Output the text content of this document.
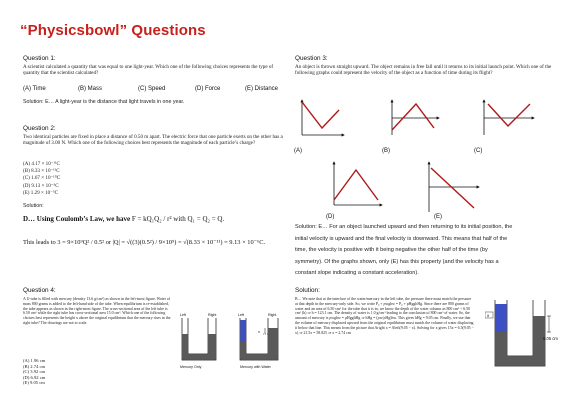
“Physicsbowl” Questions
Question 1:
A scientist calculated a quantity that was equal to one light-year. Which one of the following choices represents the type of quantity that the scientist calculated?
(A) Time	(B) Mass	(C) Speed	(D) Force	(E) Distance
Solution: E… A light-year is the distance that light travels in one year.
Question 2:
Two identical particles are fixed in place a distance of 0.50 m apart. The electric force that one particle exerts on the other has a magnitude of 3.00 N. Which one of the following choices best represents the magnitude of each particle’s charge?
(A) 4.17 × 10⁻¹¹C
(B) 8.33 × 10⁻¹¹C
(C) 1.67 × 10⁻¹⁰C
(D) 9.13 × 10⁻⁶C
(E) 1.29 × 10⁻⁵C
Solution:
D… Using Coulomb’s Law, we have F = kQ₁Q₂ / r² with Q₁ = Q₂ = Q.
This leads to 3 = 9×10⁹Q² / 0.5² or |Q| = √((3)(0.5²) / 9×10⁹) = √(8.33 × 10⁻¹¹) = 9.13 × 10⁻⁶C.
Question 3:
An object is thrown straight upward. The object remains in free fall until it returns to its initial launch point. Which one of the following graphs could represent the velocity of the object as a function of time during its flight?
(A)	(B)	(C)
(D)	(E)
Solution: E… For an object launched upward and then returning to its initial position, the
initial velocity is upward and the final velocity is downward. This means that half of the
time, the velocity is positive with it being negative the other half of the time (by
symmetry). Of the graphs shown, only (E) has this property (and the velocity has a
constant slope indicating a constant acceleration).
Question 4:
A U-tube is filled with mercury (density 13.6 g/cm³) as shown in the left-most figure. Water of mass 800 grams is added to the left-hand side of the tube. When equilibrium is re-established, the tube appears as shown in the right-most figure. The cross-sectional area of the left tube is 6.50 cm² while the right tube has cross-sectional area 15.0 cm². Which one of the following choices best represents the height x above the original equilibrium that the mercury rises in the right tube? The drawings are not to scale.
(A) 1.96 cm
(B) 2.74 cm
(C) 3.92 cm
(D) 6.92 cm
(E) 9.05 cm
Left	Right
Mercury Only
Left	Right
x
Mercury with Water
Solution:
B… We note that at the interface of the water/mercury in the left tube, the pressure there must match the pressure at that depth in the mercury-only side. So, we write P₀ + ρwghw = P₀ + ρHgghHg. Since there are 800 grams of water and an area of 6.50 cm² for the tube that it is in, we know the depth of the water column as 800 cm³ ÷ 6.50 cm² (h) ⇒ h = 123.1 cm. The density of water is 1.0 g/cm³ leading to the conclusion of 800 cm³ of water. So, the amount of mercury is ρwghw = ρHgghHg ⇒ hHg = (ρw/ρHg)hw. This gives hHg = 9.05 cm. Finally, we use that the volume of mercury displaced upward from the original equilibrium must match the volume of water displacing it below that line. This means from the picture that Aright x = Aleft(9.05 − x). Solving for x gives 15x = 6.5(9.05 − x) ⇒ 21.5x = 58.825 ⇒ x = 2.74 cm
x
9.05 cm
